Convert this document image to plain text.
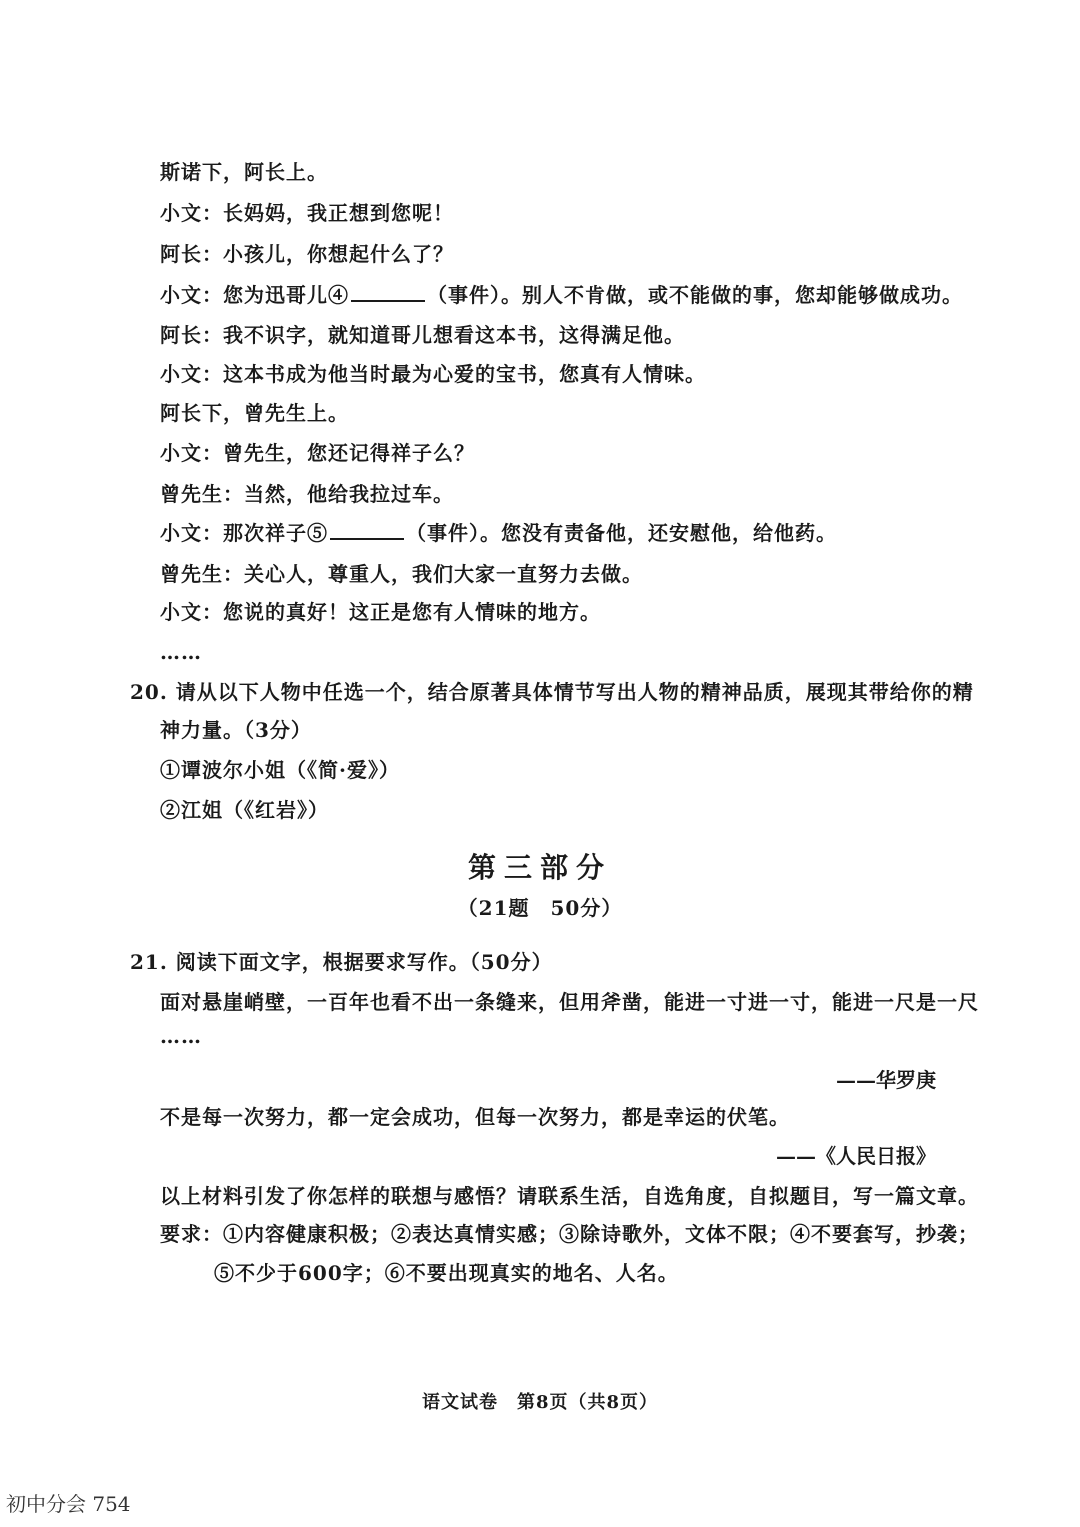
斯诺下，阿长上。
小文：长妈妈，我正想到您呢！
阿长：小孩儿，你想起什么了？
小文：您为迅哥儿④	（事件）。别人不肯做，或不能做的事，您却能够做成功。
阿长：我不识字，就知道哥儿想看这本书，这得满足他。
小文：这本书成为他当时最为心爱的宝书，您真有人情味。
阿长下，曾先生上。
小文：曾先生，您还记得祥子么？
曾先生：当然，他给我拉过车。
小文：那次祥子⑤	（事件）。您没有责备他，还安慰他，给他药。
曾先生：关心人，尊重人，我们大家一直努力去做。
小文：您说的真好！这正是您有人情味的地方。
……
20. 请从以下人物中任选一个，结合原著具体情节写出人物的精神品质，展现其带给你的精
神力量。（3分）
①谭波尔小姐（《简·爱》）
②江姐（《红岩》）
第三部分
（21题　50分）
21. 阅读下面文字，根据要求写作。（50分）
面对悬崖峭壁，一百年也看不出一条缝来，但用斧凿，能进一寸进一寸，能进一尺是一尺
……
——华罗庚
不是每一次努力，都一定会成功，但每一次努力，都是幸运的伏笔。
——《人民日报》
以上材料引发了你怎样的联想与感悟？请联系生活，自选角度，自拟题目，写一篇文章。
要求：①内容健康积极；②表达真情实感；③除诗歌外，文体不限；④不要套写，抄袭；
⑤不少于600字；⑥不要出现真实的地名、人名。
语文试卷　第8页（共8页）
初中分会 754
